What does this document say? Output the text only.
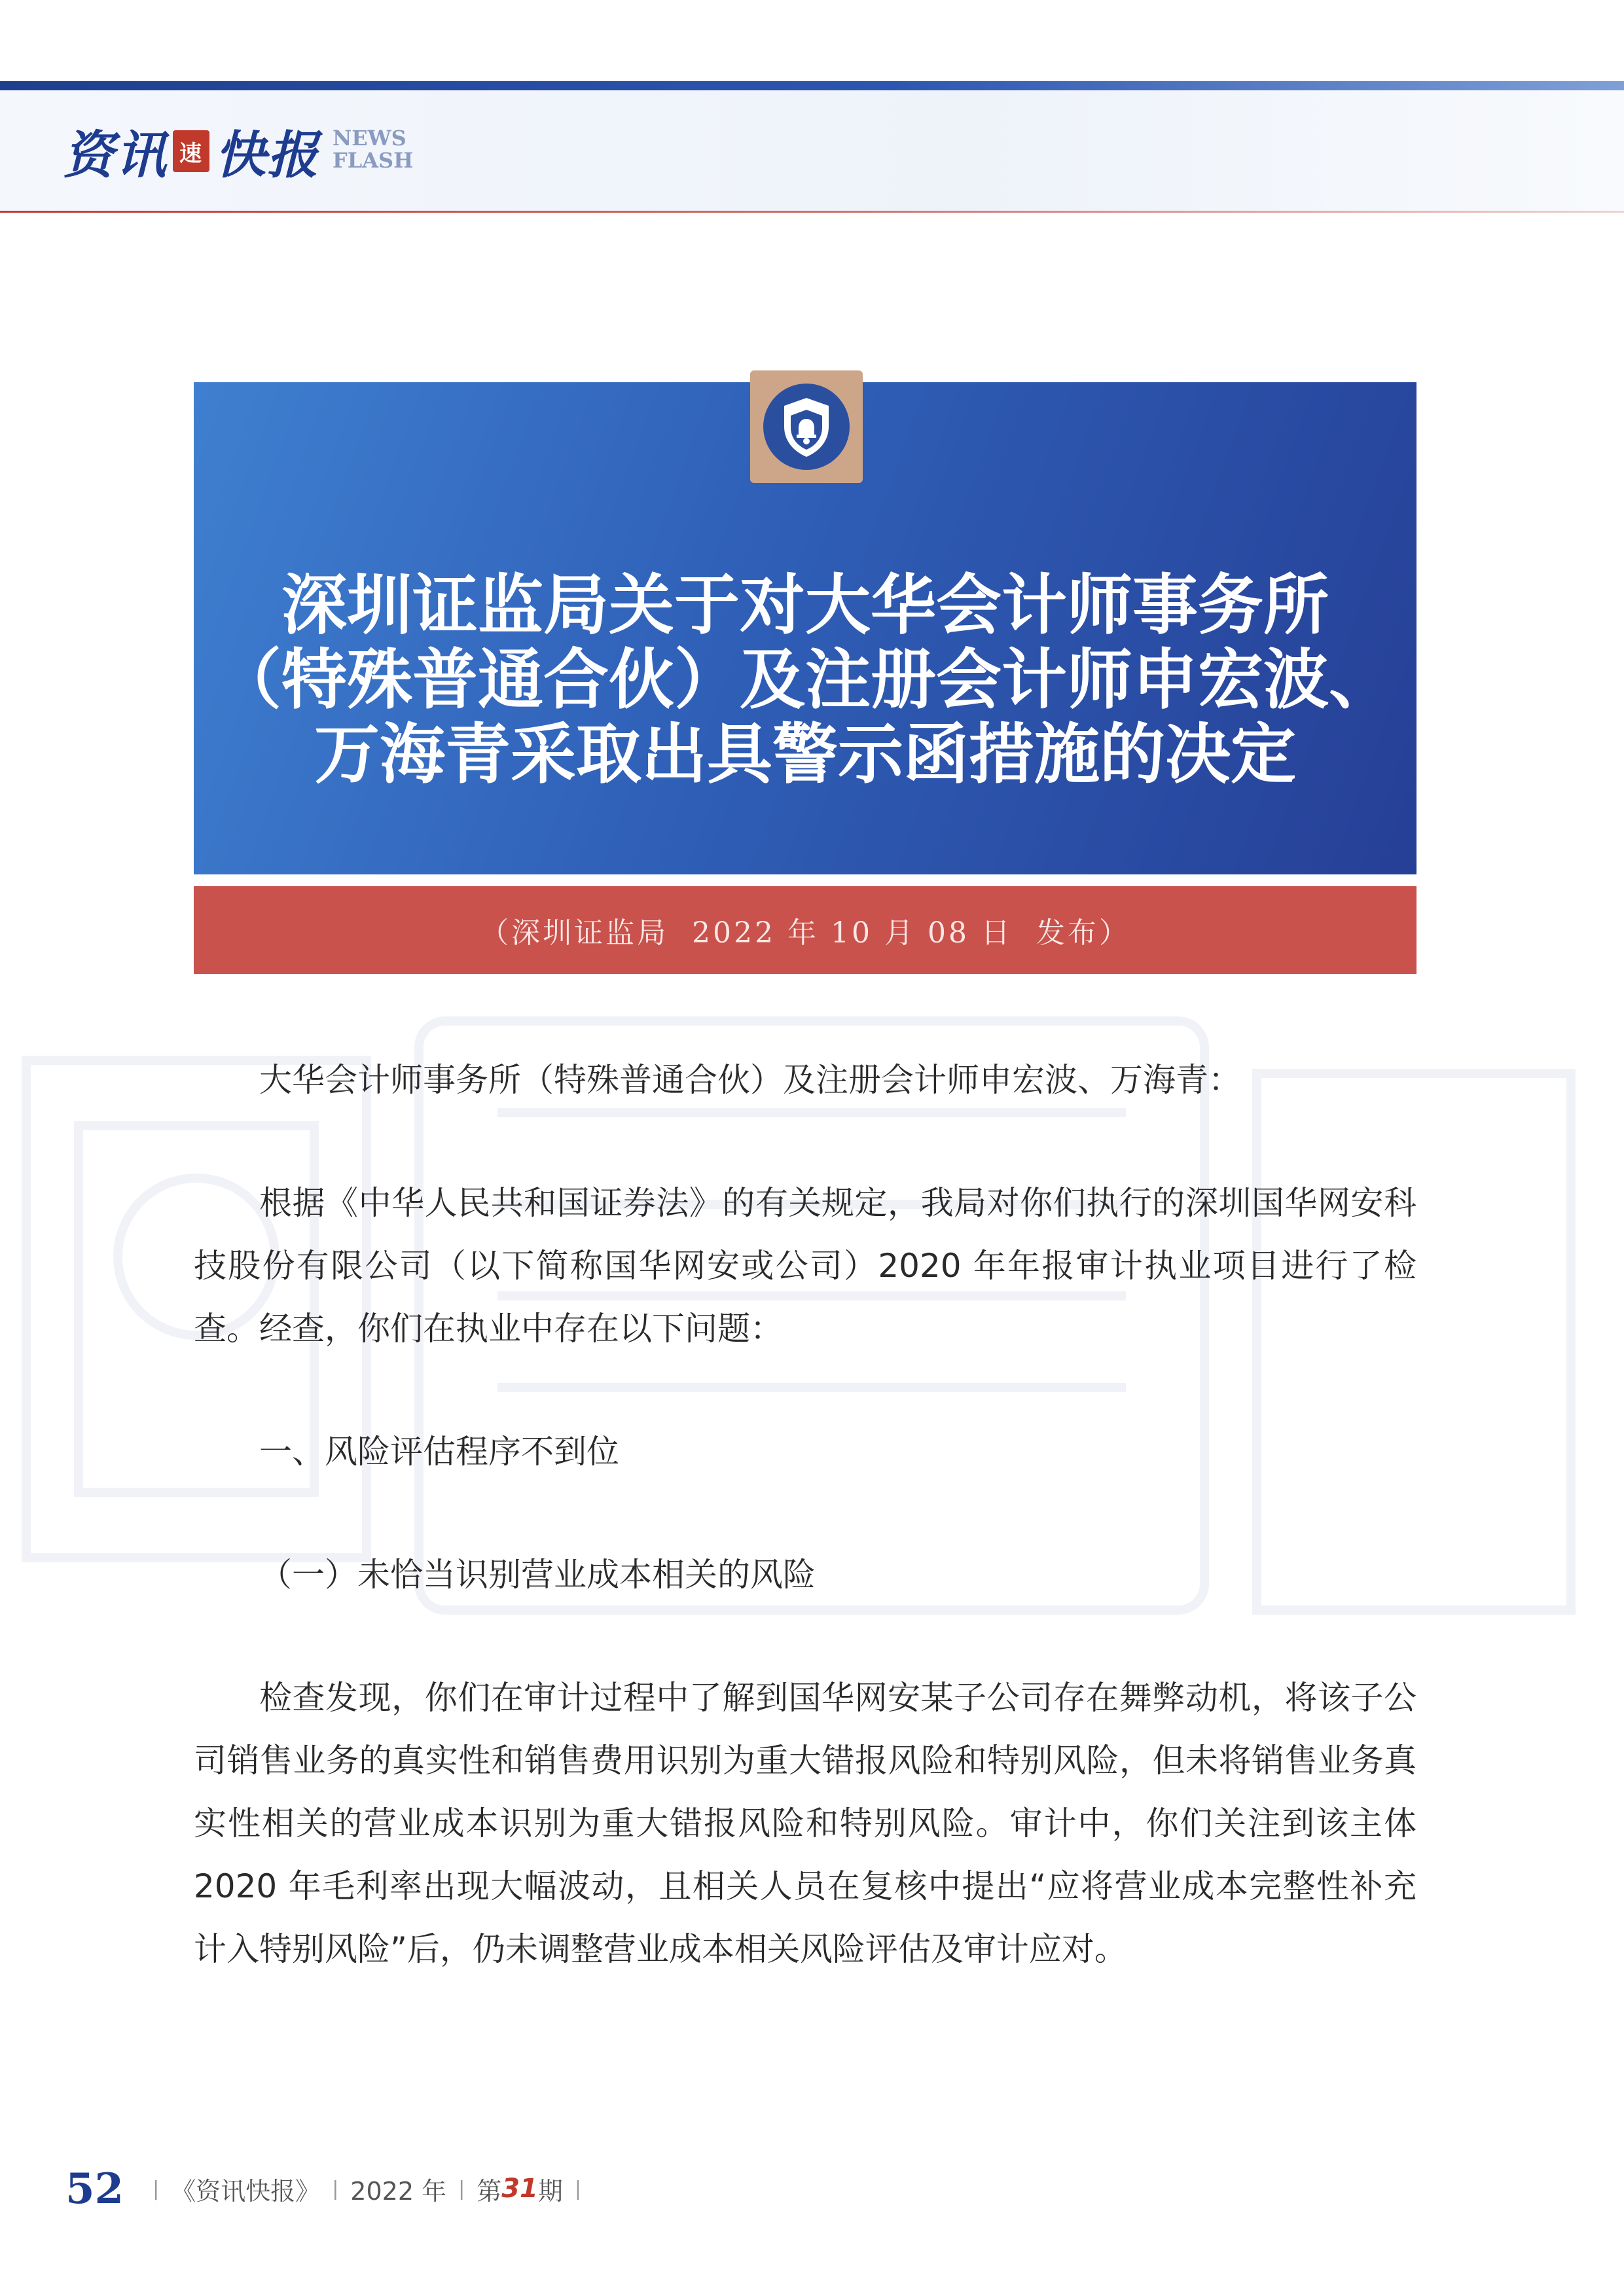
资讯 速 快报 NEWS
FLASH
深圳证监局关于对大华会计师事务所
（特殊普通合伙）及注册会计师申宏波、
万海青采取出具警示函措施的决定
（深圳证监局  2022 年 10 月 08 日  发布）

大华会计师事务所（特殊普通合伙）及注册会计师申宏波、万海青：

根据《中华人民共和国证券法》的有关规定，我局对你们执行的深圳国华网安科技股份有限公司（以下简称国华网安或公司）2020 年年报审计执业项目进行了检查。经查，你们在执业中存在以下问题：

一、风险评估程序不到位

（一）未恰当识别营业成本相关的风险

检查发现，你们在审计过程中了解到国华网安某子公司存在舞弊动机，将该子公司销售业务的真实性和销售费用识别为重大错报风险和特别风险，但未将销售业务真实性相关的营业成本识别为重大错报风险和特别风险。审计中，你们关注到该主体 2020 年毛利率出现大幅波动，且相关人员在复核中提出“应将营业成本完整性补充计入特别风险”后，仍未调整营业成本相关风险评估及审计应对。

52 | 《资讯快报》 | 2022 年 | 第 31 期 |
